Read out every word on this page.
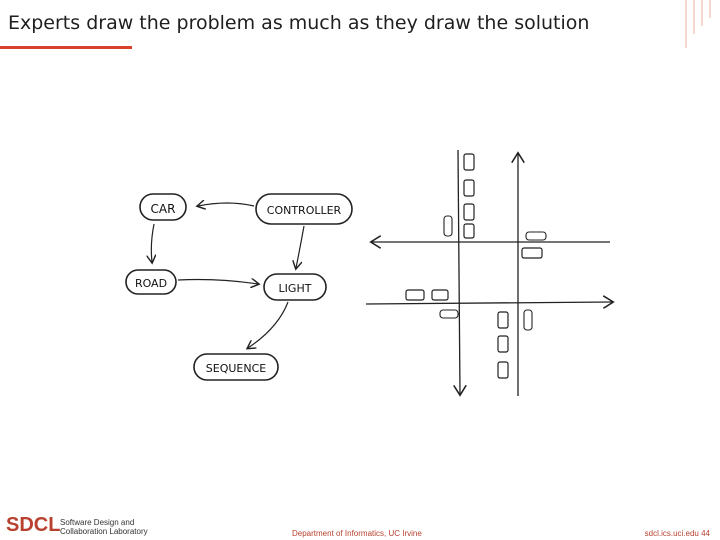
Experts draw the problem as much as they draw the solution
CAR	CONTROLLER
ROAD	LIGHT
SEQUENCE
SDCL Software Design and
Collaboration Laboratory	Department of Informatics, UC Irvine	sdcl.ics.uci.edu 44
